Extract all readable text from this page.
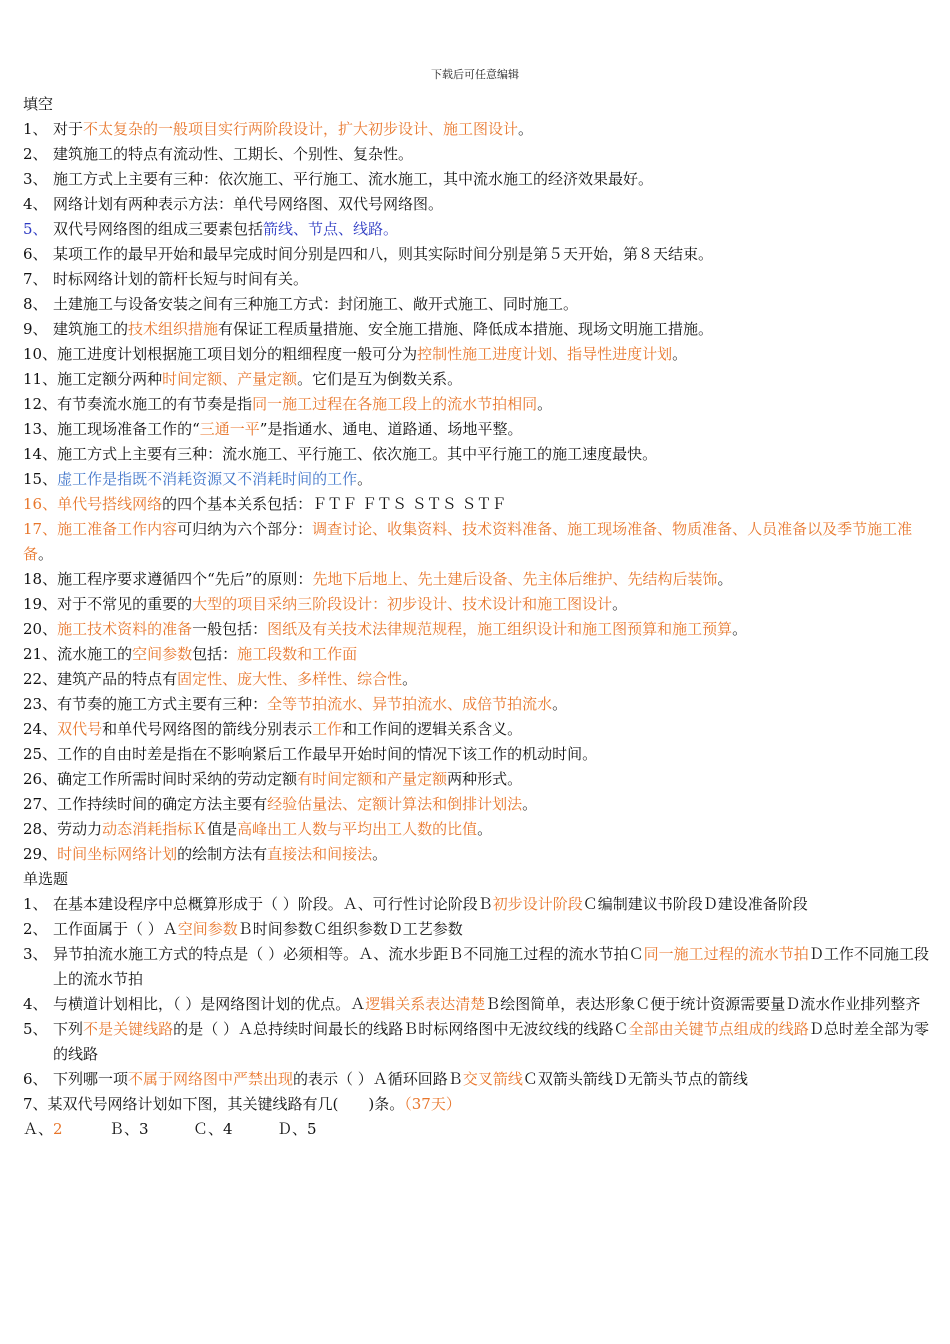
下载后可任意编辑
填空
1、 对于不太复杂的一般项目实行两阶段设计，扩大初步设计、施工图设计。
2、 建筑施工的特点有流动性、工期长、个别性、复杂性。
3、 施工方式上主要有三种：依次施工、平行施工、流水施工，其中流水施工的经济效果最好。
4、 网络计划有两种表示方法：单代号网络图、双代号网络图。
5、 双代号网络图的组成三要素包括箭线、节点、线路。
6、 某项工作的最早开始和最早完成时间分别是四和八，则其实际时间分别是第５天开始，第８天结束。
7、 时标网络计划的箭杆长短与时间有关。
8、 土建施工与设备安装之间有三种施工方式：封闭施工、敞开式施工、同时施工。
9、 建筑施工的技术组织措施有保证工程质量措施、安全施工措施、降低成本措施、现场文明施工措施。
10、施工进度计划根据施工项目划分的粗细程度一般可分为控制性施工进度计划、指导性进度计划。
11、施工定额分两种时间定额、产量定额。它们是互为倒数关系。
12、有节奏流水施工的有节奏是指同一施工过程在各施工段上的流水节拍相同。
13、施工现场准备工作的“三通一平”是指通水、通电、道路通、场地平整。
14、施工方式上主要有三种：流水施工、平行施工、依次施工。其中平行施工的施工速度最快。
15、虚工作是指既不消耗资源又不消耗时间的工作。
16、单代号搭线网络的四个基本关系包括：ＦＴＦ ＦＴＳ ＳＴＳ ＳＴＦ
17、施工准备工作内容可归纳为六个部分：调查讨论、收集资料、技术资料准备、施工现场准备、物质准备、人员准备以及季节施工准备。
18、施工程序要求遵循四个“先后”的原则：先地下后地上、先土建后设备、先主体后维护、先结构后装饰。
19、对于不常见的重要的大型的项目采纳三阶段设计：初步设计、技术设计和施工图设计。
20、施工技术资料的准备一般包括：图纸及有关技术法律规范规程，施工组织设计和施工图预算和施工预算。
21、流水施工的空间参数包括：施工段数和工作面
22、建筑产品的特点有固定性、庞大性、多样性、综合性。
23、有节奏的施工方式主要有三种：全等节拍流水、异节拍流水、成倍节拍流水。
24、双代号和单代号网络图的箭线分别表示工作和工作间的逻辑关系含义。
25、工作的自由时差是指在不影响紧后工作最早开始时间的情况下该工作的机动时间。
26、确定工作所需时间时采纳的劳动定额有时间定额和产量定额两种形式。
27、工作持续时间的确定方法主要有经验估量法、定额计算法和倒排计划法。
28、劳动力动态消耗指标Ｋ值是高峰出工人数与平均出工人数的比值。
29、时间坐标网络计划的绘制方法有直接法和间接法。
单选题
1、 在基本建设程序中总概算形成于（ ）阶段。Ａ、可行性讨论阶段Ｂ初步设计阶段Ｃ编制建议书阶段Ｄ建设准备阶段
2、 工作面属于（ ）Ａ空间参数Ｂ时间参数Ｃ组织参数Ｄ工艺参数
3、 异节拍流水施工方式的特点是（ ）必须相等。Ａ、流水步距Ｂ不同施工过程的流水节拍Ｃ同一施工过程的流水节拍Ｄ工作不同施工段上的流水节拍
4、 与横道计划相比，（ ）是网络图计划的优点。Ａ逻辑关系表达清楚Ｂ绘图简单，表达形象Ｃ便于统计资源需要量Ｄ流水作业排列整齐
5、 下列不是关键线路的是（ ）Ａ总持续时间最长的线路Ｂ时标网络图中无波纹线的线路Ｃ全部由关键节点组成的线路Ｄ总时差全部为零的线路
6、 下列哪一项不属于网络图中严禁出现的表示（ ）Ａ循环回路Ｂ交叉箭线Ｃ双箭头箭线Ｄ无箭头节点的箭线
7、某双代号网络计划如下图，其关键线路有几(　　)条。（37天）
Ａ、2	Ｂ、3	Ｃ、4	Ｄ、5
